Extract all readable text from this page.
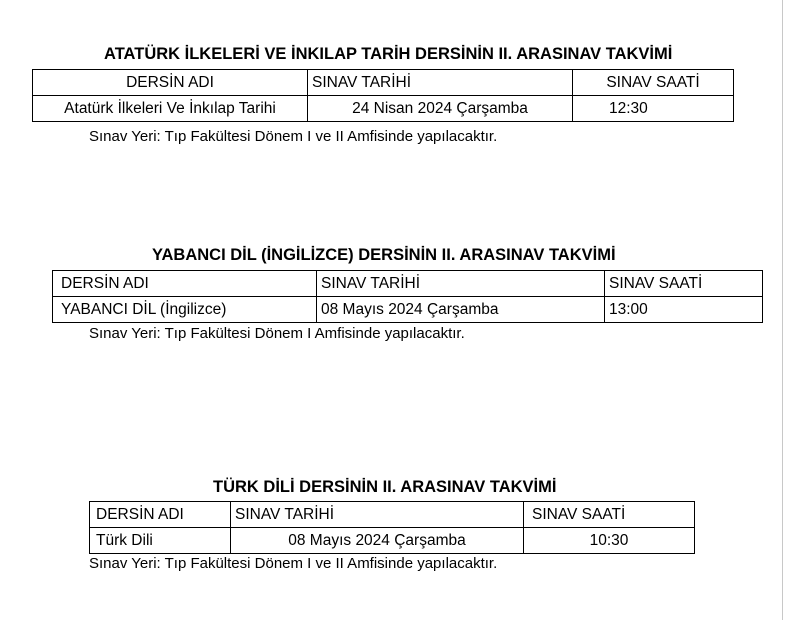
ATATÜRK İLKELERİ VE İNKILAP TARİH DERSİNİN II. ARASINAV TAKVİMİ
DERSİN ADI	SINAV TARİHİ	SINAV SAATİ
Atatürk İlkeleri Ve İnkılap Tarihi	24 Nisan 2024 Çarşamba	12:30
Sınav Yeri: Tıp Fakültesi Dönem I ve II Amfisinde yapılacaktır.
YABANCI DİL (İNGİLİZCE) DERSİNİN II. ARASINAV TAKVİMİ
DERSİN ADI	SINAV TARİHİ	SINAV SAATİ
YABANCI DİL (İngilizce)	08 Mayıs 2024 Çarşamba	13:00
Sınav Yeri: Tıp Fakültesi Dönem I Amfisinde yapılacaktır.
TÜRK DİLİ DERSİNİN II. ARASINAV TAKVİMİ
DERSİN ADI	SINAV TARİHİ	SINAV SAATİ
Türk Dili	08 Mayıs 2024 Çarşamba	10:30
Sınav Yeri: Tıp Fakültesi Dönem I ve II Amfisinde yapılacaktır.
